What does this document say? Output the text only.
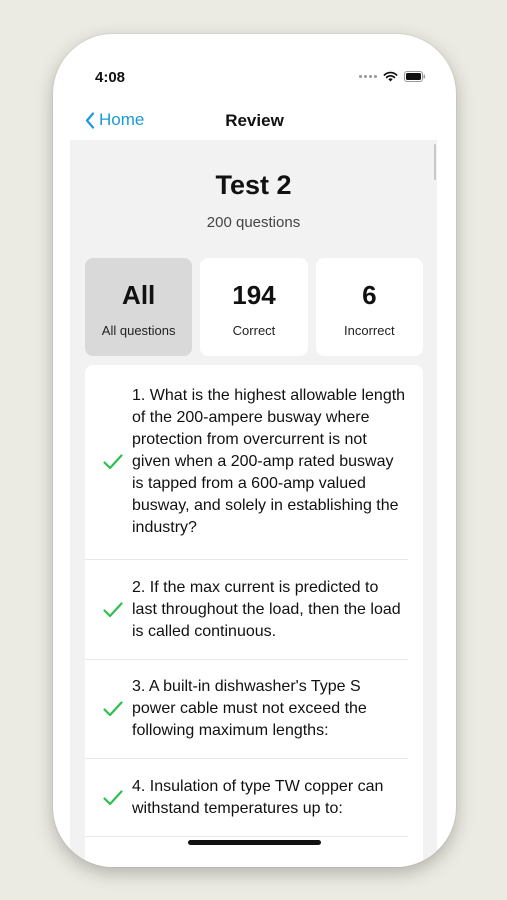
4:08
Home	Review
Test 2
200 questions
All
All questions
194
Correct
6
Incorrect
1. What is the highest allowable length of the 200-ampere busway where protection from overcurrent is not given when a 200-amp rated busway is tapped from a 600-amp valued busway, and solely in establishing the industry?
2. If the max current is predicted to last throughout the load, then the load is called continuous.
3. A built-in dishwasher's Type S power cable must not exceed the following maximum lengths:
4. Insulation of type TW copper can withstand temperatures up to:
